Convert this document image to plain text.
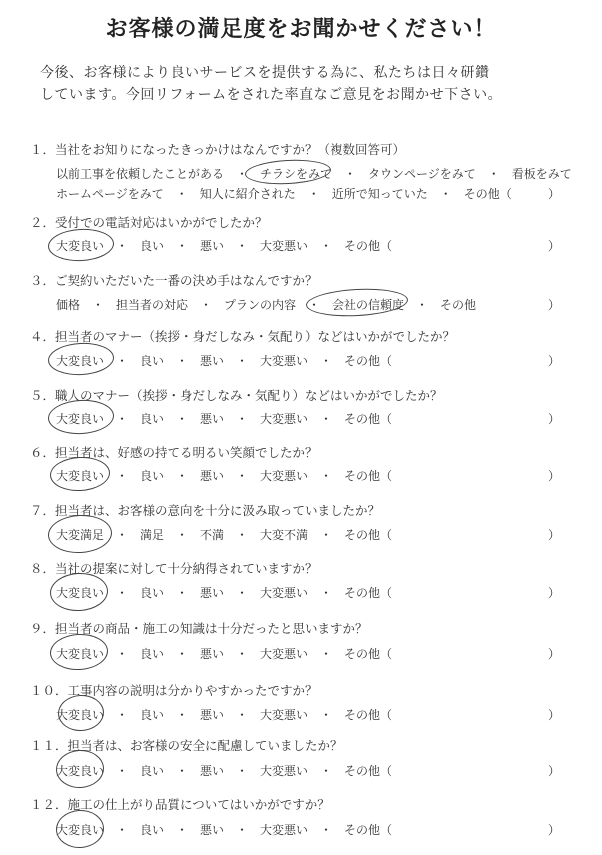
お客様の満足度をお聞かせください！
今後、お客様により良いサービスを提供する為に、私たちは日々研鑽
しています。今回リフォームをされた率直なご意見をお聞かせ下さい。
１．当社をお知りになったきっかけはなんですか？（複数回答可）
以前工事を依頼したことがある　・　チラシをみて　・　タウンページをみて　・　看板をみて
ホームページをみて　・　知人に紹介された　・　近所で知っていた　・　その他（	）
２．受付での電話対応はいかがでしたか？
大変良い　・　良い　・　悪い　・　大変悪い　・　その他（	）
３．ご契約いただいた一番の決め手はなんですか？
価格　・　担当者の対応　・　プランの内容　・　会社の信頼度　・　その他	）
４．担当者のマナー（挨拶・身だしなみ・気配り）などはいかがでしたか？
大変良い　・　良い　・　悪い　・　大変悪い　・　その他（	）
５．職人のマナー（挨拶・身だしなみ・気配り）などはいかがでしたか？
大変良い　・　良い　・　悪い　・　大変悪い　・　その他（	）
６．担当者は、好感の持てる明るい笑顔でしたか？
大変良い　・　良い　・　悪い　・　大変悪い　・　その他（	）
７．担当者は、お客様の意向を十分に汲み取っていましたか？
大変満足　・　満足　・　不満　・　大変不満　・　その他（	）
８．当社の提案に対して十分納得されていますか？
大変良い　・　良い　・　悪い　・　大変悪い　・　その他（	）
９．担当者の商品・施工の知識は十分だったと思いますか？
大変良い　・　良い　・　悪い　・　大変悪い　・　その他（	）
１０．工事内容の説明は分かりやすかったですか？
大変良い　・　良い　・　悪い　・　大変悪い　・　その他（	）
１１．担当者は、お客様の安全に配慮していましたか？
大変良い　・　良い　・　悪い　・　大変悪い　・　その他（	）
１２．施工の仕上がり品質についてはいかがですか？
大変良い　・　良い　・　悪い　・　大変悪い　・　その他（	）
